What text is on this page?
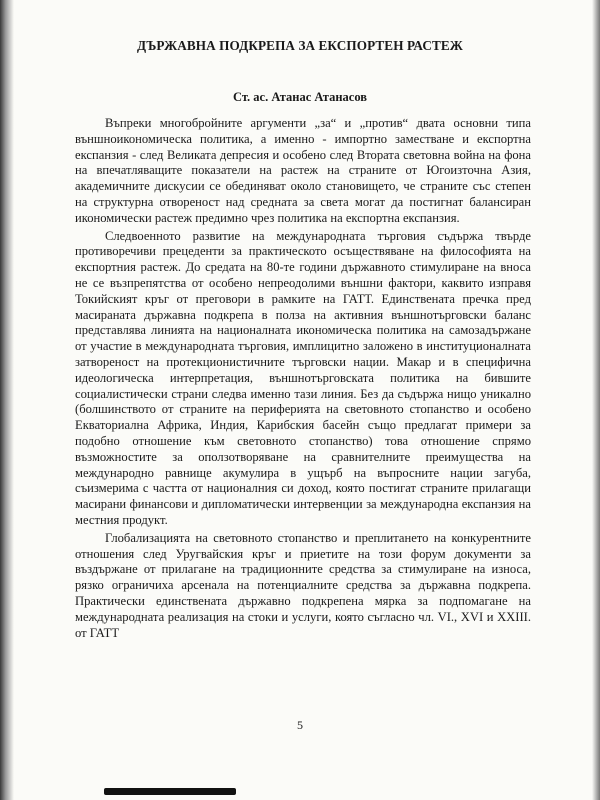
ДЪРЖАВНА ПОДКРЕПА ЗА ЕКСПОРТЕН РАСТЕЖ
Ст. ас. Атанас Атанасов

Въпреки многобройните аргументи „за“ и „против“ двата основни типа външноикономическа политика, а именно - импортно заместване и експортна експанзия - след Великата депресия и особено след Втората световна война на фона на впечатляващите показатели на растеж на страните от Югоизточна Азия, академичните дискусии се обединяват около становището, че страните със степен на структурна отвореност над средната за света могат да постигнат балансиран икономически растеж предимно чрез политика на експортна експанзия.

Следвоенното развитие на международната търговия съдържа твърде противоречиви прецеденти за практическото осъществяване на философията на експортния растеж. До средата на 80-те години държавното стимулиране на вноса не се възпрепятства от особено непреодолими външни фактори, каквито изправя Токийският кръг от преговори в рамките на ГАТТ. Единствената пречка пред масираната държавна подкрепа в полза на активния външнотърговски баланс представлява линията на националната икономическа политика на самозадържане от участие в международната търговия, имплицитно заложено в институционалната затвореност на протекционистичните търговски нации. Макар и в специфична идеологическа интерпретация, външнотърговската политика на бившите социалистически страни следва именно тази линия. Без да съдържа нищо уникално (болшинството от страните на периферията на световното стопанство и особено Екваториална Африка, Индия, Карибския басейн също предлагат примери за подобно отношение към световното стопанство) това отношение спрямо възможностите за оползотворяване на сравнителните преимущества на международно равнище акумулира в ущърб на въпросните нации загуба, съизмерима с частта от националния си доход, която постигат страните прилагащи масирани финансови и дипломатически интервенции за международна експанзия на местния продукт.

Глобализацията на световното стопанство и преплитането на конкурентните отношения след Уругвайския кръг и приетите на този форум документи за въздържане от прилагане на традиционните средства за стимулиране на износа, рязко ограничиха арсенала на потенциалните средства за държавна подкрепа. Практически единствената държавно подкрепена мярка за подпомагане на международната реализация на стоки и услуги, която съгласно чл. VI., XVI и XXIII. от ГАТТ

5
